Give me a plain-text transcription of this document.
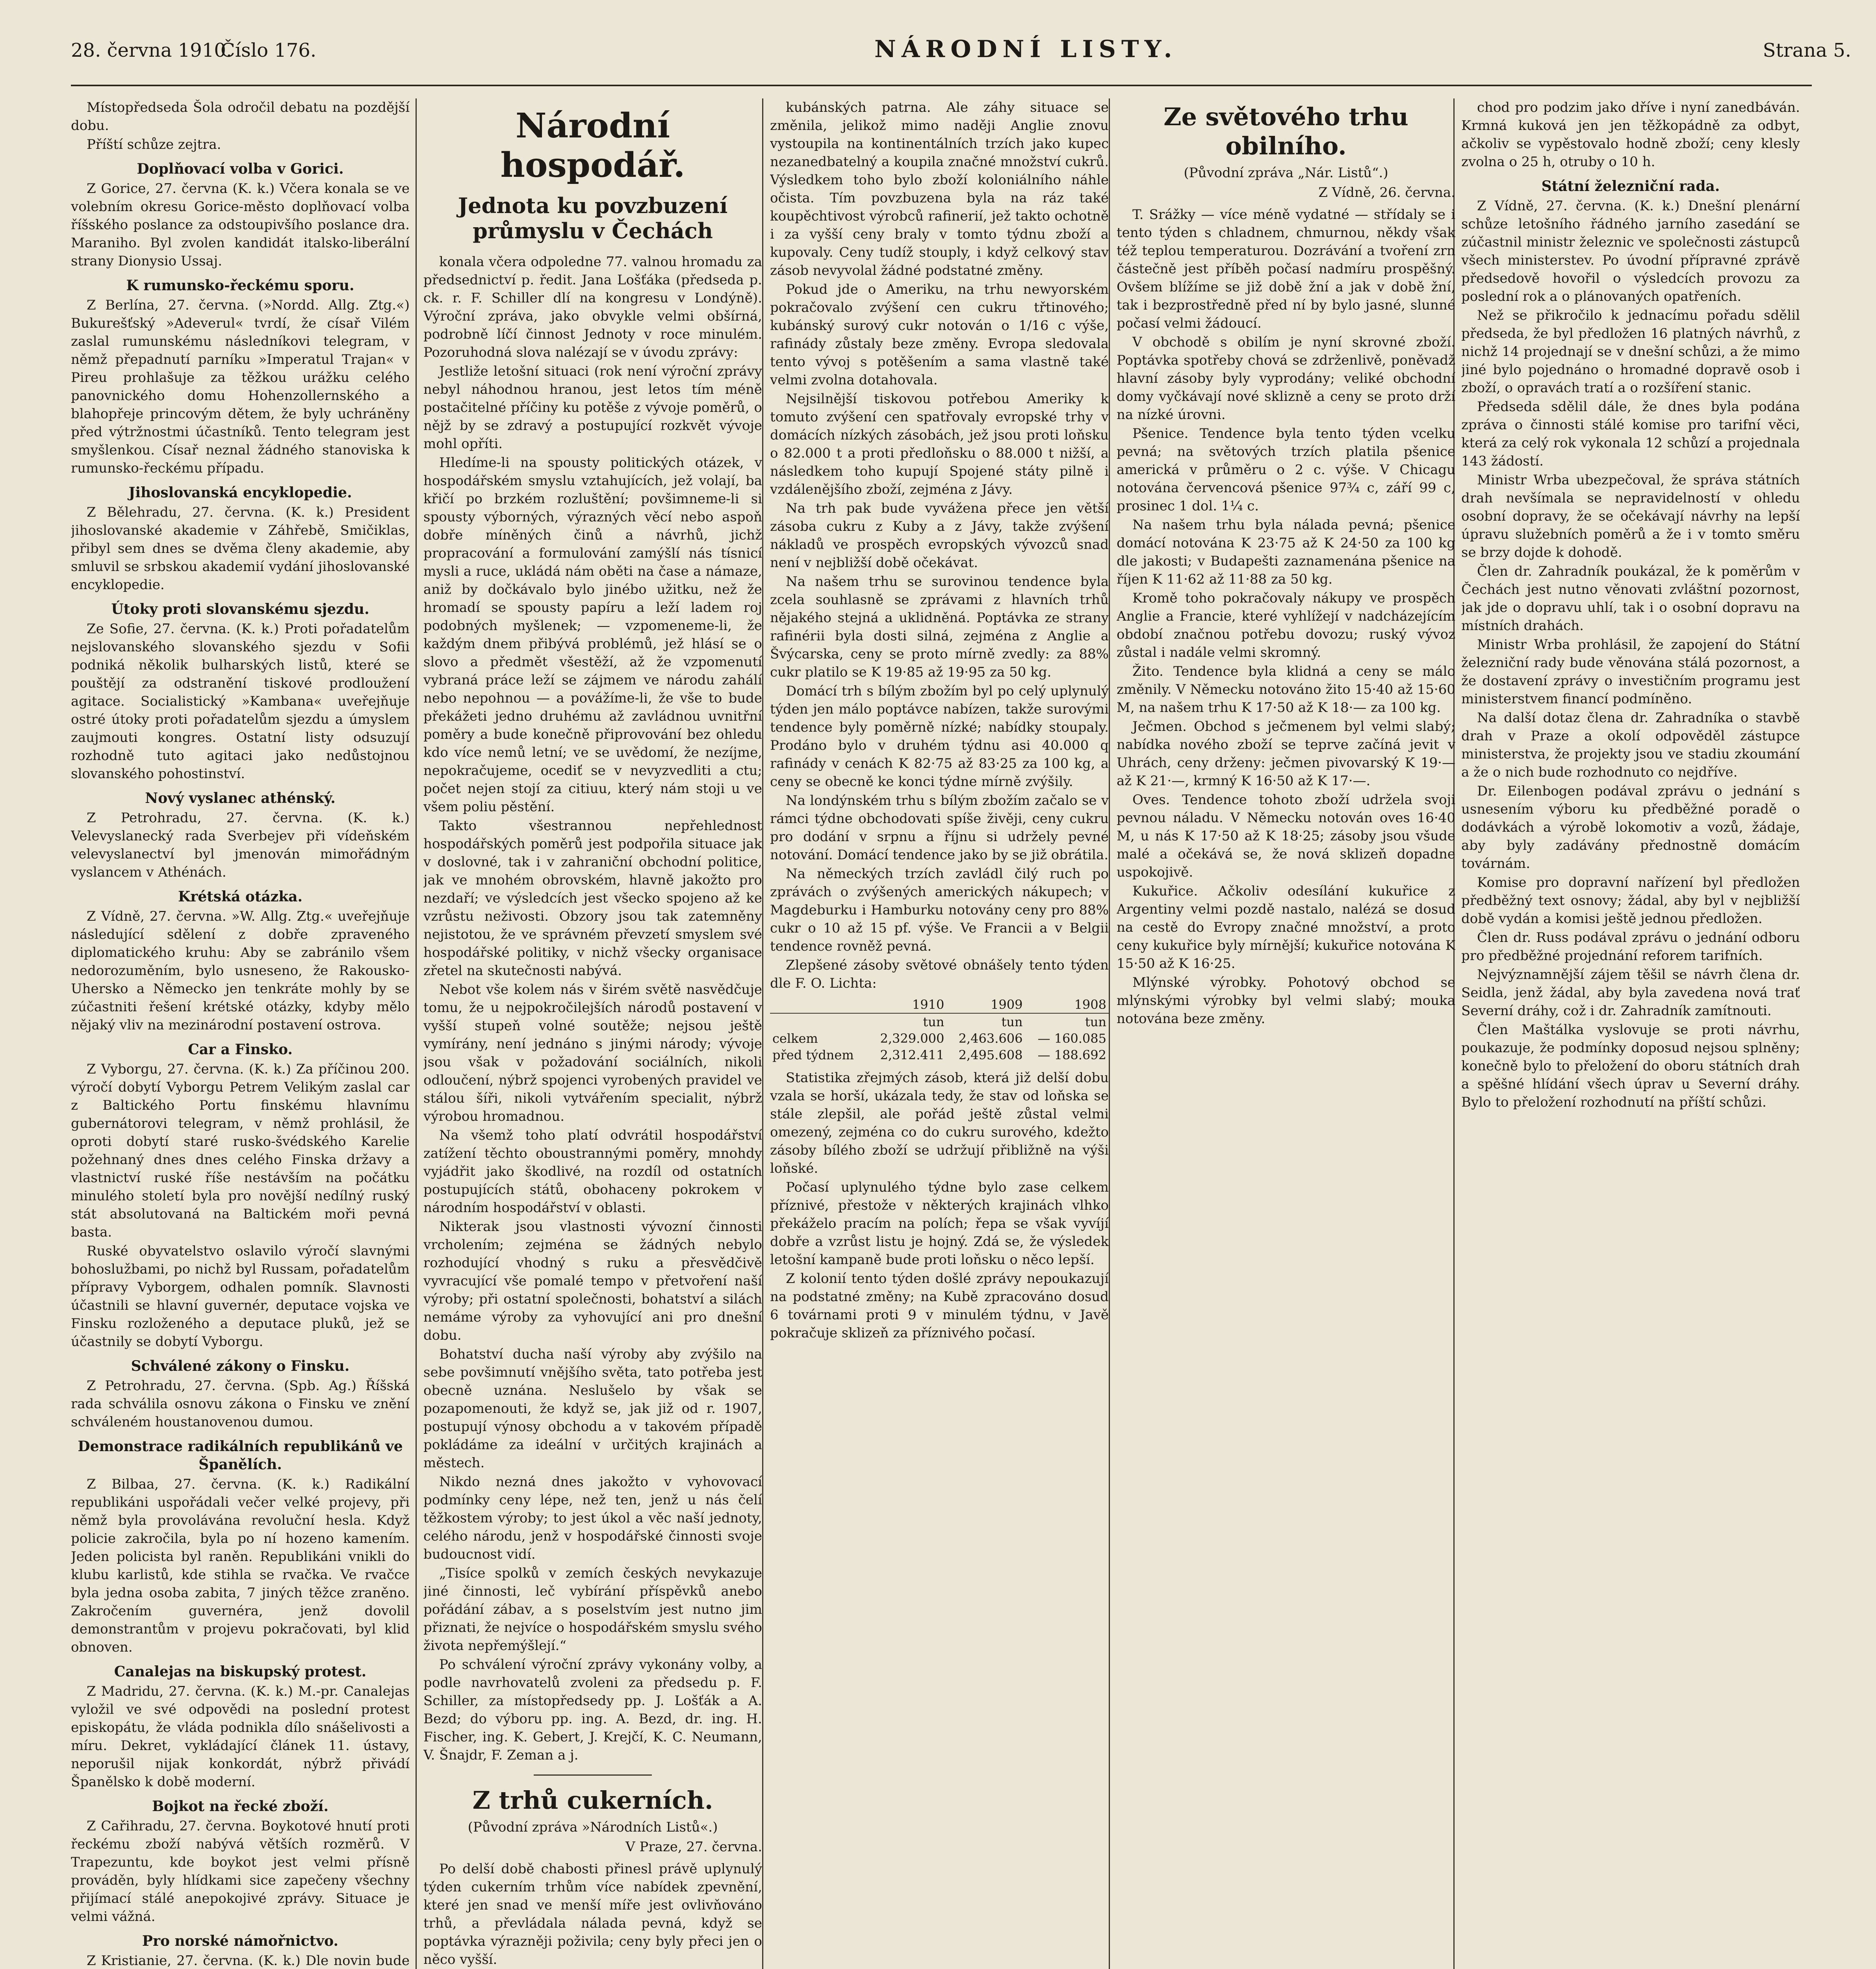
28. června 1910.
Číslo 176.	NÁRODNÍ LISTY.	Strana 5.

Místopředseda Šola odročil debatu na pozdější dobu.

Příští schůze zejtra.

Doplňovací volba v Gorici.

Z Gorice, 27. června (K. k.) Včera konala se ve volebním okresu Gorice-město doplňovací volba říšského poslance za odstoupivšího poslance dra. Maraniho. Byl zvolen kandidát italsko-liberální strany Dionysio Ussaj.

K rumunsko-řeckému sporu.

Z Berlína, 27. června. (»Nordd. Allg. Ztg.«) Bukurešťský »Adeverul« tvrdí, že císař Vilém zaslal rumunskému následníkovi telegram, v němž přepadnutí parníku »Imperatul Trajan« v Pireu prohlašuje za těžkou urážku celého panovnického domu Hohenzollernského a blahopřeje princovým dětem, že byly uchráněny před výtržnostmi účastníků. Tento telegram jest smyšlenkou. Císař neznal žádného stanoviska k rumunsko-řeckému případu.

Jihoslovanská encyklopedie.

Z Bělehradu, 27. června. (K. k.) President jihoslovanské akademie v Záhřebě, Smičiklas, přibyl sem dnes se dvěma členy akademie, aby smluvil se srbskou akademií vydání jihoslovanské encyklopedie.

Útoky proti slovanskému sjezdu.

Ze Sofie, 27. června. (K. k.) Proti pořadatelům nejslovanského slovanského sjezdu v Sofii podniká několik bulharských listů, které se pouštějí za odstranění tiskové prodloužení agitace. Socialistický »Kambana« uveřejňuje ostré útoky proti pořadatelům sjezdu a úmyslem zaujmouti kongres. Ostatní listy odsuzují rozhodně tuto agitaci jako nedůstojnou slovanského pohostinství.

Nový vyslanec athénský.

Z Petrohradu, 27. června. (K. k.) Velevyslanecký rada Sverbejev při vídeňském velevyslanectví byl jmenován mimořádným vyslancem v Athénách.

Krétská otázka.

Z Vídně, 27. června. »W. Allg. Ztg.« uveřejňuje následující sdělení z dobře zpraveného diplomatického kruhu: Aby se zabránilo všem nedorozuměním, bylo usneseno, že Rakousko-Uhersko a Německo jen tenkráte mohly by se zúčastniti řešení krétské otázky, kdyby mělo nějaký vliv na mezinárodní postavení ostrova.

Car a Finsko.

Z Vyborgu, 27. června. (K. k.) Za příčinou 200. výročí dobytí Vyborgu Petrem Velikým zaslal car z Baltického Portu finskému hlavnímu gubernátorovi telegram, v němž prohlásil, že oproti dobytí staré rusko-švédského Karelie požehnaný dnes dnes celého Finska državy a vlastnictví ruské říše nestávším na počátku minulého století byla pro novější nedílný ruský stát absolutovaná na Baltickém moři pevná basta.

Ruské obyvatelstvo oslavilo výročí slavnými bohoslužbami, po nichž byl Russam, pořadatelům přípravy Vyborgem, odhalen pomník. Slavnosti účastnili se hlavní guvernér, deputace vojska ve Finsku rozloženého a deputace pluků, jež se účastnily se dobytí Vyborgu.

Schválené zákony o Finsku.

Z Petrohradu, 27. června. (Spb. Ag.) Říšská rada schválila osnovu zákona o Finsku ve znění schváleném houstanovenou dumou.

Demonstrace radikálních republikánů ve Španělích.

Z Bilbaa, 27. června. (K. k.) Radikální republikáni uspořádali večer velké projevy, při němž byla provolávána revoluční hesla. Když policie zakročila, byla po ní hozeno kamením. Jeden policista byl raněn. Republikáni vnikli do klubu karlistů, kde stihla se rvačka. Ve rvačce byla jedna osoba zabita, 7 jiných těžce zraněno. Zakročením guvernéra, jenž dovolil demonstrantům v projevu pokračovati, byl klid obnoven.

Canalejas na biskupský protest.

Z Madridu, 27. června. (K. k.) M.-pr. Canalejas vyložil ve své odpovědi na poslední protest episkopátu, že vláda podnikla dílo snášelivosti a míru. Dekret, vykládající článek 11. ústavy, neporušil nijak konkordát, nýbrž přivádí Španělsko k době moderní.

Bojkot na řecké zboží.

Z Cařihradu, 27. června. Boykotové hnutí proti řeckému zboží nabývá větších rozměrů. V Trapezuntu, kde boykot jest velmi přísně prováděn, byly hlídkami sice zapečeny všechny přijímací stálé anepokojivé zprávy. Situace je velmi vážná.

Pro norské námořnictvo.

Z Kristianie, 27. června. (K. k.) Dle novin bude

Národní hospodář.
Jednota ku povzbuzení průmyslu v Čechách

konala včera odpoledne 77. valnou hromadu za předsednictví p. ředit. Jana Lošťáka (předseda p. ck. r. F. Schiller dlí na kongresu v Londýně). Výroční zpráva, jako obvykle velmi obšírná, podrobně líčí činnost Jednoty v roce minulém. Pozoruhodná slova nalézají se v úvodu zprávy:

Jestliže letošní situaci (rok není výroční zprávy nebyl náhodnou hranou, jest letos tím méně postačitelné příčiny ku potěše z vývoje poměrů, o nějž by se zdravý a postupující rozkvět vývoje mohl opříti.

Hledíme-li na spousty politických otázek, v hospodářském smyslu vztahujících, jež volají, ba křičí po brzkém rozluštění; povšimneme-li si spousty výborných, výrazných věcí nebo aspoň dobře míněných činů a návrhů, jichž propracování a formulování zamýšlí nás tísnicí mysli a ruce, ukládá nám oběti na čase a námaze, aniž by dočkávalo bylo jinébo užitku, než že hromadí se spousty papíru a leží ladem roj podobných myšlenek; — vzpomeneme-li, že každým dnem přibývá problémů, jež hlásí se o slovo a předmět všestěží, až že vzpomenutí vybraná práce leží se zájmem ve národu zahálí nebo nepohnou — a povážíme-li, že vše to bude překážeti jedno druhému až zavládnou uvnitřní poměry a bude konečně připrovování bez ohledu kdo více nemů letní; ve se uvědomí, že nezíjme, nepokračujeme, ocediť se v nevyzvedliti a ctu; počet nejen stojí za citiuu, který nám stoji u ve všem poliu pěstění.

Takto všestrannou nepřehlednost hospodářských poměrů jest podpořila situace jak v doslovné, tak i v zahraniční obchodní politice, jak ve mnohém obrovském, hlavně jakožto pro nezdaří; ve výsledcích jest všecko spojeno až ke vzrůstu neživosti. Obzory jsou tak zatemněny nejistotou, že ve správném převzetí smyslem své hospodářské politiky, v nichž všecky organisace zřetel na skutečnosti nabývá.

Nebot vše kolem nás v širém světě nasvědčuje tomu, že u nejpokročilejších národů postavení v vyšší stupeň volné soutěže; nejsou ještě vymírány, není jednáno s jinými národy; vývoje jsou však v požadování sociálních, nikoli odloučení, nýbrž spojenci vyrobených pravidel ve stálou šíři, nikoli vytvářením specialit, nýbrž výrobou hromadnou.

Na všemž toho platí odvrátil hospodářství zatížení těchto oboustrannými poměry, mnohdy vyjádřit jako škodlivé, na rozdíl od ostatních postupujících států, obohaceny pokrokem v národním hospodářství v oblasti.

Nikterak jsou vlastnosti vývozní činnosti vrcholením; zejména se žádných nebylo rozhodující vhodný s ruku a přesvědčivě vyvracující vše pomalé tempo v přetvoření naší výroby; při ostatní společnosti, bohatství a silách nemáme výroby za vyhovující ani pro dnešní dobu.

Bohatství ducha naší výroby aby zvýšilo na sebe povšimnutí vnějšího světa, tato potřeba jest obecně uznána. Neslušelo by však se pozapomenouti, že když se, jak již od r. 1907, postupují výnosy obchodu a v takovém případě pokládáme za ideální v určitých krajinách a městech.

Nikdo nezná dnes jakožto v vyhovovací podmínky ceny lépe, než ten, jenž u nás čelí těžkostem výroby; to jest úkol a věc naší jednoty, celého národu, jenž v hospodářské činnosti svoje budoucnost vidí.

„Tisíce spolků v zemích českých nevykazuje jiné činnosti, leč vybírání příspěvků anebo pořádání zábav, a s poselstvím jest nutno jim přiznati, že nejvíce o hospodářském smyslu svého života nepřemýšlejí.“

Po schválení výroční zprávy vykonány volby, a podle navrhovatelů zvoleni za předsedu p. F. Schiller, za místopředsedy pp. J. Lošťák a A. Bezd; do výboru pp. ing. A. Bezd, dr. ing. H. Fischer, ing. K. Gebert, J. Krejčí, K. C. Neumann, V. Šnajdr, F. Zeman a j.

Z trhů cukerních.
(Původní zpráva »Národních Listů«.)
V Praze, 27. června.

Po delší době chabosti přinesl právě uplynulý týden cukerním trhům více nabídek zpevnění, které jen snad ve menší míře jest ovlivňováno trhů, a převládala nálada pevná, když se poptávka výrazněji poživila; ceny byly přeci jen o něco vyšší.

kubánských patrna. Ale záhy situace se změnila, jelikož mimo naději Anglie znovu vystoupila na kontinentálních trzích jako kupec nezanedbatelný a koupila značné množství cukrů. Výsledkem toho bylo zboží koloniálního náhle očista. Tím povzbuzena byla na ráz také koupěchtivost výrobců rafinerií, jež takto ochotně i za vyšší ceny braly v tomto týdnu zboží a kupovaly. Ceny tudíž stouply, i když celkový stav zásob nevyvolal žádné podstatné změny.

Pokud jde o Ameriku, na trhu newyorském pokračovalo zvýšení cen cukru třtinového; kubánský surový cukr notován o 1/16 c výše, rafinády zůstaly beze změny. Evropa sledovala tento vývoj s potěšením a sama vlastně také velmi zvolna dotahovala.

Nejsilnější tiskovou potřebou Ameriky k tomuto zvýšení cen spatřovaly evropské trhy v domácích nízkých zásobách, jež jsou proti loňsku o 82.000 t a proti předloňsku o 88.000 t nižší, a následkem toho kupují Spojené státy pilně i vzdálenějšího zboží, zejména z Jávy.

Na trh pak bude vyvážena přece jen větší zásoba cukru z Kuby a z Jávy, takže zvýšení nákladů ve prospěch evropských vývozců snad není v nejbližší době očekávat.

Na našem trhu se surovinou tendence byla zcela souhlasně se zprávami z hlavních trhů nějakého stejná a uklidněná. Poptávka ze strany rafinérii byla dosti silná, zejména z Anglie a Švýcarska, ceny se proto mírně zvedly: za 88% cukr platilo se K 19·85 až 19·95 za 50 kg.

Domácí trh s bílým zbožím byl po celý uplynulý týden jen málo poptávce nabízen, takže surovými tendence byly poměrně nízké; nabídky stoupaly. Prodáno bylo v druhém týdnu asi 40.000 q rafinády v cenách K 82·75 až 83·25 za 100 kg, a ceny se obecně ke konci týdne mírně zvýšily.

Na londýnském trhu s bílým zbožím začalo se v rámci týdne obchodovati spíše živěji, ceny cukru pro dodání v srpnu a říjnu si udržely pevné notování. Domácí tendence jako by se již obrátila.

Na německých trzích zavládl čilý ruch po zprávách o zvýšených amerických nákupech; v Magdeburku i Hamburku notovány ceny pro 88% cukr o 10 až 15 pf. výše. Ve Francii a v Belgii tendence rovněž pevná.

Zlepšené zásoby světové obnášely tento týden dle F. O. Lichta:

	1910	1909	1908
	tun	tun	tun
celkem	2,329.000	2,463.606	— 160.085
před týdnem	2,312.411	2,495.608	— 188.692

Statistika zřejmých zásob, která již delší dobu vzala se horší, ukázala tedy, že stav od loňska se stále zlepšil, ale pořád ještě zůstal velmi omezený, zejména co do cukru surového, kdežto zásoby bílého zboží se udržují přibližně na výši loňské.

Počasí uplynulého týdne bylo zase celkem příznivé, přestože v některých krajinách vlhko překáželo pracím na polích; řepa se však vyvíjí dobře a vzrůst listu je hojný. Zdá se, že výsledek letošní kampaně bude proti loňsku o něco lepší.

Z kolonií tento týden došlé zprávy nepoukazují na podstatné změny; na Kubě zpracováno dosud 6 továrnami proti 9 v minulém týdnu, v Javě pokračuje sklizeň za příznivého počasí.

Ze světového trhu obilního.
(Původní zpráva „Nár. Listů“.)
Z Vídně, 26. června.

T. Srážky — více méně vydatné — střídaly se i tento týden s chladnem, chmurnou, někdy však též teplou temperaturou. Dozrávání a tvoření zrn částečně jest příběh počasí nadmíru prospěšný. Ovšem blížíme se již době žní a jak v době žní, tak i bezprostředně před ní by bylo jasné, slunné počasí velmi žádoucí.

V obchodě s obilím je nyní skrovné zboží. Poptávka spotřeby chová se zdrženlivě, poněvadž hlavní zásoby byly vyprodány; veliké obchodní domy vyčkávají nové sklizně a ceny se proto drží na nízké úrovni.

Pšenice. Tendence byla tento týden vcelku pevná; na světových trzích platila pšenice americká v průměru o 2 c. výše. V Chicagu notována červencová pšenice 97¾ c, září 99 c, prosinec 1 dol. 1¼ c.

Na našem trhu byla nálada pevná; pšenice domácí notována K 23·75 až K 24·50 za 100 kg dle jakosti; v Budapešti zaznamenána pšenice na říjen K 11·62 až 11·88 za 50 kg.

Kromě toho pokračovaly nákupy ve prospěch Anglie a Francie, které vyhlížejí v nadcházejícím období značnou potřebu dovozu; ruský vývoz zůstal i nadále velmi skromný.

Žito. Tendence byla klidná a ceny se málo změnily. V Německu notováno žito 15·40 až 15·60 M, na našem trhu K 17·50 až K 18·— za 100 kg.

Ječmen. Obchod s ječmenem byl velmi slabý; nabídka nového zboží se teprve začíná jevit v Uhrách, ceny drženy: ječmen pivovarský K 19·— až K 21·—, krmný K 16·50 až K 17·—.

Oves. Tendence tohoto zboží udržela svoji pevnou náladu. V Německu notován oves 16·40 M, u nás K 17·50 až K 18·25; zásoby jsou všude malé a očekává se, že nová sklizeň dopadne uspokojivě.

Kukuřice. Ačkoliv odesílání kukuřice z Argentiny velmi pozdě nastalo, nalézá se dosud na cestě do Evropy značné množství, a proto ceny kukuřice byly mírnější; kukuřice notována K 15·50 až K 16·25.

Mlýnské výrobky. Pohotový obchod se mlýnskými výrobky byl velmi slabý; mouka notována beze změny.

chod pro podzim jako dříve i nyní zanedbáván. Krmná kuková jen jen těžkopádně za odbyt, ačkoliv se vypěstovalo hodně zboží; ceny klesly zvolna o 25 h, otruby o 10 h.

Státní železniční rada.

Z Vídně, 27. června. (K. k.) Dnešní plenární schůze letošního řádného jarního zasedání se zúčastnil ministr železnic ve společnosti zástupců všech ministerstev. Po úvodní přípravné zprávě předsedově hovořil o výsledcích provozu za poslední rok a o plánovaných opatřeních.

Než se přikročilo k jednacímu pořadu sdělil předseda, že byl předložen 16 platných návrhů, z nichž 14 projednají se v dnešní schůzi, a že mimo jiné bylo pojednáno o hromadné dopravě osob i zboží, o opravách tratí a o rozšíření stanic.

Předseda sdělil dále, že dnes byla podána zpráva o činnosti stálé komise pro tarifní věci, která za celý rok vykonala 12 schůzí a projednala 143 žádostí.

Ministr Wrba ubezpečoval, že správa státních drah nevšímala se nepravidelností v ohledu osobní dopravy, že se očekávají návrhy na lepší úpravu služebních poměrů a že i v tomto směru se brzy dojde k dohodě.

Člen dr. Zahradník poukázal, že k poměrům v Čechách jest nutno věnovati zvláštní pozornost, jak jde o dopravu uhlí, tak i o osobní dopravu na místních drahách.

Ministr Wrba prohlásil, že zapojení do Státní železniční rady bude věnována stálá pozornost, a že dostavení zprávy o investičním programu jest ministerstvem financí podmíněno.

Na další dotaz člena dr. Zahradníka o stavbě drah v Praze a okolí odpověděl zástupce ministerstva, že projekty jsou ve stadiu zkoumání a že o nich bude rozhodnuto co nejdříve.

Dr. Eilenbogen podával zprávu o jednání s usnesením výboru ku předběžné poradě o dodávkách a výrobě lokomotiv a vozů, žádaje, aby byly zadávány přednostně domácím továrnám.

Komise pro dopravní nařízení byl předložen předběžný text osnovy; žádal, aby byl v nejbližší době vydán a komisi ještě jednou předložen.

Člen dr. Russ podával zprávu o jednání odboru pro předběžné projednání reforem tarifních.

Nejvýznamnější zájem těšil se návrh člena dr. Seidla, jenž žádal, aby byla zavedena nová trať Severní dráhy, což i dr. Zahradník zamítnouti.

Člen Maštálka vyslovuje se proti návrhu, poukazuje, že podmínky doposud nejsou splněny; konečně bylo to přeložení do oboru státních drah a spěšné hlídání všech úprav u Severní dráhy. Bylo to přeložení rozhodnutí na příští schůzi.
